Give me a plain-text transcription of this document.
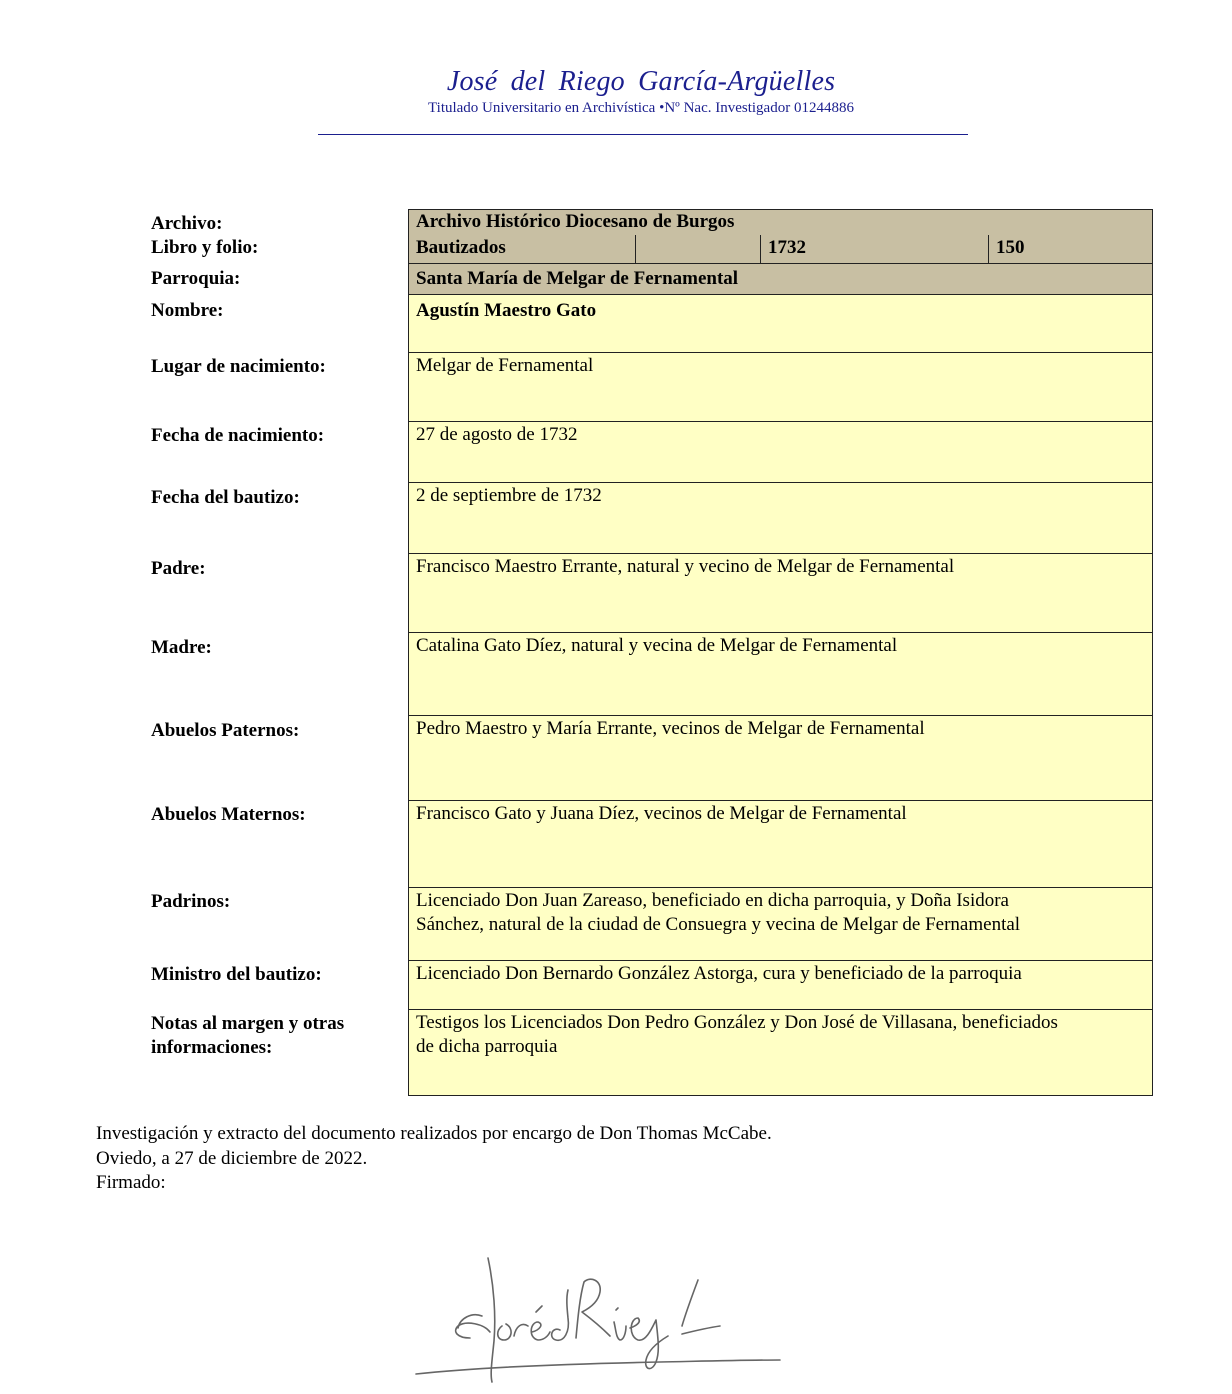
José del Riego García-Argüelles
Titulado Universitario en Archivística •Nº Nac. Investigador 01244886
Archivo:
Libro y folio:
Parroquia:
Nombre:
Lugar de nacimiento:
Fecha de nacimiento:
Fecha del bautizo:
Padre:
Madre:
Abuelos Paternos:
Abuelos Maternos:
Padrinos:
Ministro del bautizo:
Notas al margen y otras
informaciones:
Archivo Histórico Diocesano de Burgos
Bautizados	1732	150
Santa María de Melgar de Fernamental
Agustín Maestro Gato
Melgar de Fernamental
27 de agosto de 1732
2 de septiembre de 1732
Francisco Maestro Errante, natural y vecino de Melgar de Fernamental
Catalina Gato Díez, natural y vecina de Melgar de Fernamental
Pedro Maestro y María Errante, vecinos de Melgar de Fernamental
Francisco Gato y Juana Díez, vecinos de Melgar de Fernamental
Licenciado Don Juan Zareaso, beneficiado en dicha parroquia, y Doña Isidora
Sánchez, natural de la ciudad de Consuegra y vecina de Melgar de Fernamental
Licenciado Don Bernardo González Astorga, cura y beneficiado de la parroquia
Testigos los Licenciados Don Pedro González y Don José de Villasana, beneficiados
de dicha parroquia
Investigación y extracto del documento realizados por encargo de Don Thomas McCabe.
Oviedo, a 27 de diciembre de 2022.
Firmado:
